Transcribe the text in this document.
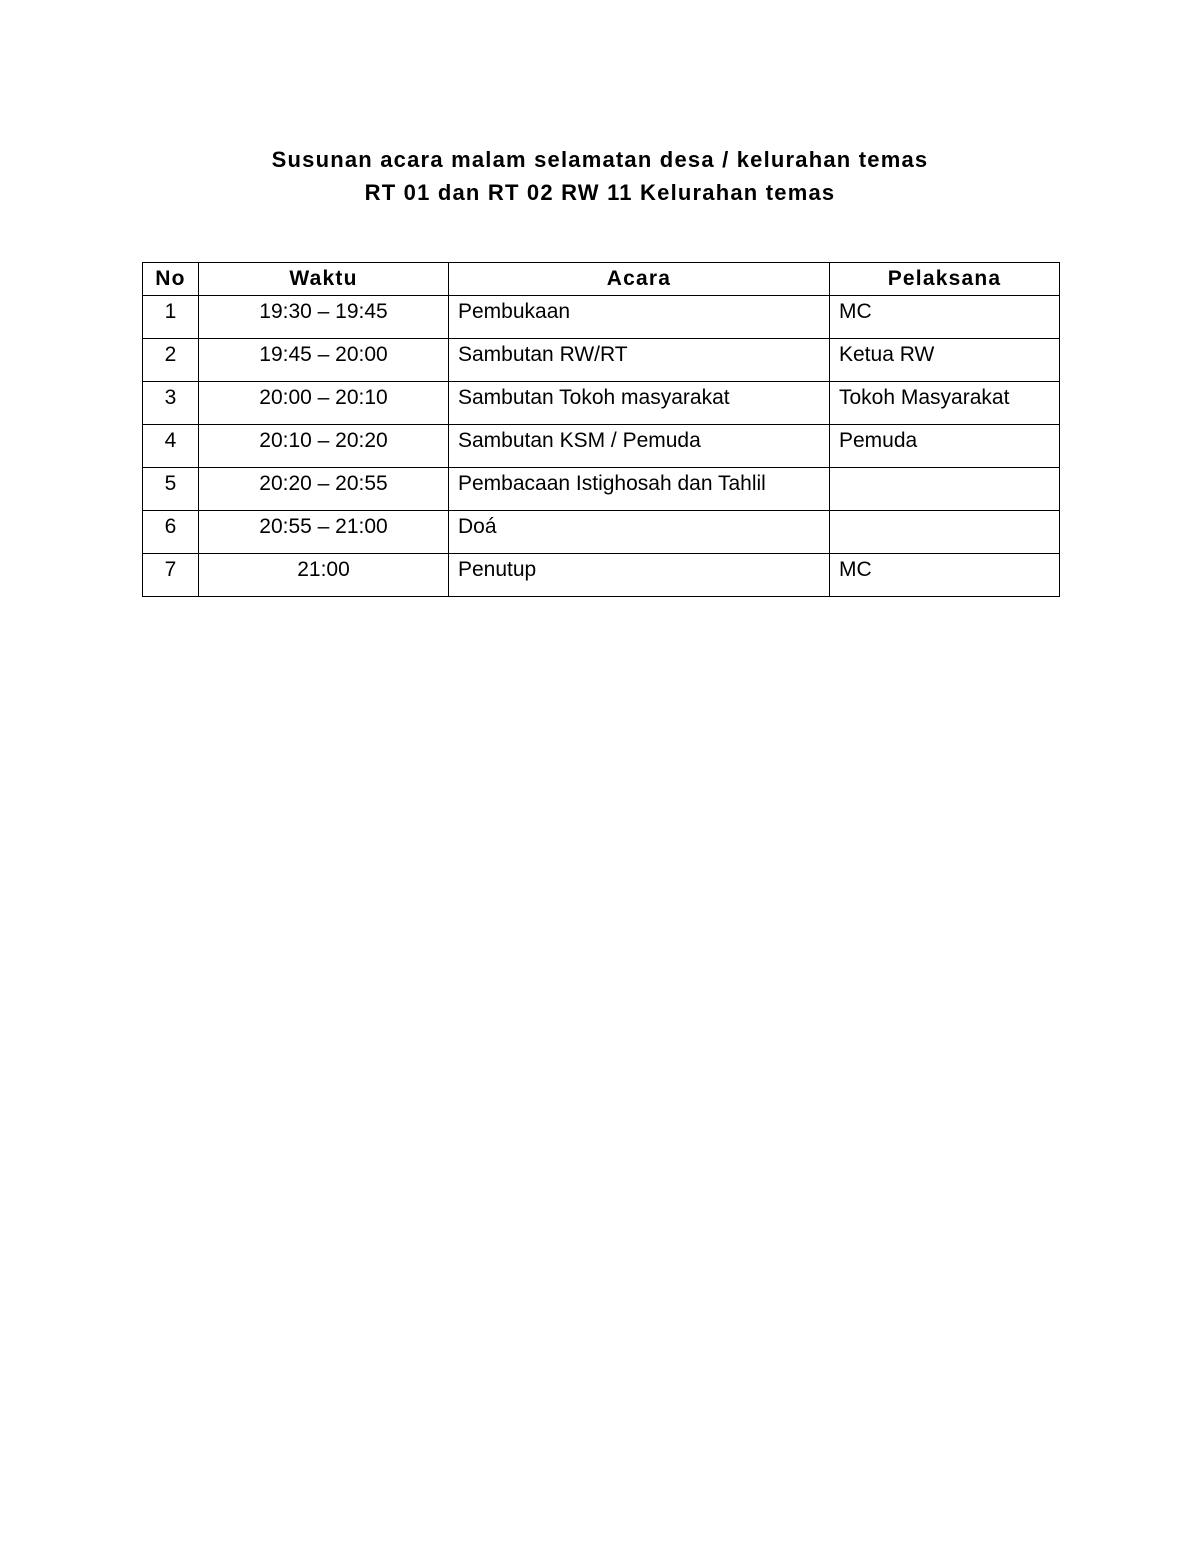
Susunan acara malam selamatan desa / kelurahan temas

RT 01 dan RT 02 RW 11 Kelurahan temas

No	Waktu	Acara	Pelaksana
1	19:30 – 19:45	Pembukaan	MC
2	19:45 – 20:00	Sambutan RW/RT	Ketua RW
3	20:00 – 20:10	Sambutan Tokoh masyarakat	Tokoh Masyarakat
4	20:10 – 20:20	Sambutan KSM / Pemuda	Pemuda
5	20:20 – 20:55	Pembacaan Istighosah dan Tahlil	
6	20:55 – 21:00	Doá	
7	21:00	Penutup	MC
